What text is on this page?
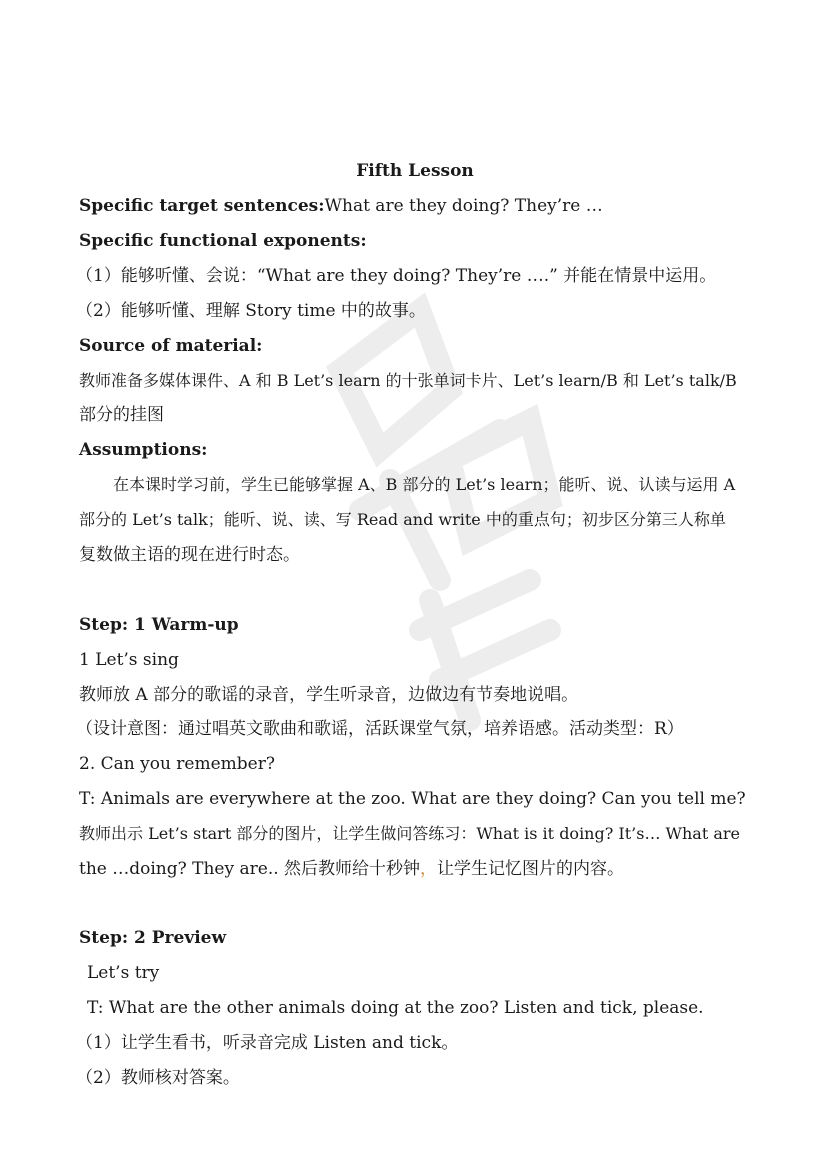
Fifth Lesson
Specific target sentences:What are they doing? They’re …
Specific functional exponents:
（1）能够听懂、会说：“What are they doing? They’re ….” 并能在情景中运用。
（2）能够听懂、理解 Story time 中的故事。
Source of material:
教师准备多媒体课件、A 和 B Let’s learn 的十张单词卡片、Let’s learn/B 和 Let’s talk/B
部分的挂图
Assumptions:
在本课时学习前，学生已能够掌握 A、B 部分的 Let’s learn；能听、说、认读与运用 A
部分的 Let’s talk；能听、说、读、写 Read and write 中的重点句；初步区分第三人称单
复数做主语的现在进行时态。
Step: 1 Warm-up
1 Let’s sing
教师放 A 部分的歌谣的录音，学生听录音，边做边有节奏地说唱。
（设计意图：通过唱英文歌曲和歌谣，活跃课堂气氛，培养语感。活动类型：R）
2. Can you remember?
T: Animals are everywhere at the zoo. What are they doing? Can you tell me?
教师出示 Let’s start 部分的图片，让学生做问答练习：What is it doing? It’s… What are
the …doing? They are.. 然后教师给十秒钟，让学生记忆图片的内容。
Step: 2 Preview
Let’s try
T: What are the other animals doing at the zoo? Listen and tick, please.
（1）让学生看书，听录音完成 Listen and tick。
（2）教师核对答案。
